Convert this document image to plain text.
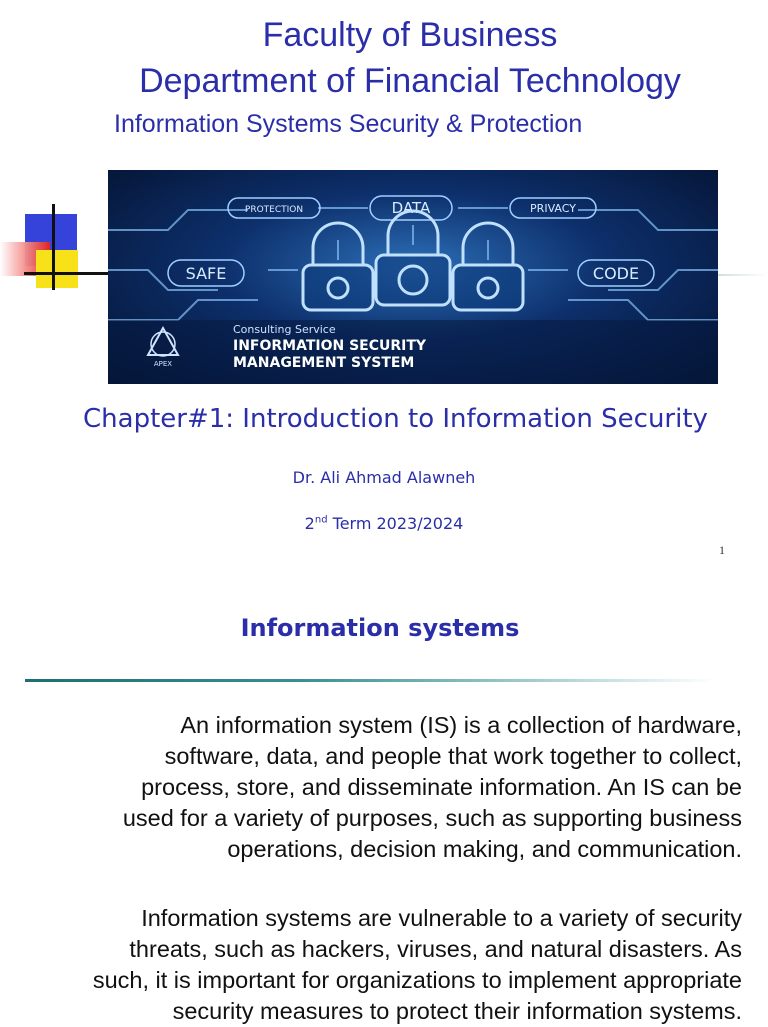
Faculty of Business
Department of Financial Technology
Information Systems Security & Protection
PROTECTION	DATA	PRIVACY
SAFE	CODE
APEX
Consulting Service
INFORMATION SECURITY
MANAGEMENT SYSTEM
Chapter#1: Introduction to Information Security
Dr. Ali Ahmad Alawneh
2nd Term 2023/2024
1
Information systems
An information system (IS) is a collection of hardware,
software, data, and people that work together to collect,
process, store, and disseminate information. An IS can be
used for a variety of purposes, such as supporting business
operations, decision making, and communication.
Information systems are vulnerable to a variety of security
threats, such as hackers, viruses, and natural disasters. As
such, it is important for organizations to implement appropriate
security measures to protect their information systems.
